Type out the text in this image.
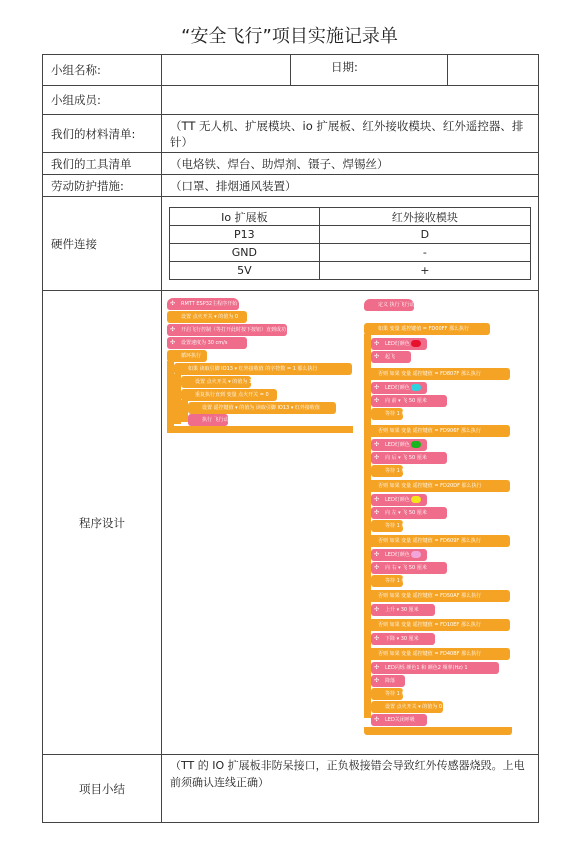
“安全飞行”项目实施记录单
小组名称:		日期:	
小组成员:	
我们的材料清单:	（TT 无人机、扩展模块、io 扩展板、红外接收模块、红外遥控器、排针）
我们的工具清单	（电烙铁、焊台、助焊剂、镊子、焊锡丝）
劳动防护措施:	（口罩、排烟通风装置）
硬件连接	
Io 扩展板	红外接收模块
P13	D
GND	-
5V	+

程序设计	
✣	RMTT ESP32主程序开始
设置 点火开关 ▾ 的值为 0
✣	开启飞行控制（等打开此时按下按钮）直到成功
✣	设置速度为 30 cm/s
循环执行
如果 读取引脚 IO13 ▾ 红外接收值 的字符数 = 1 那么执行
设置 点火开关 ▾ 的值为 1
重复执行直到 变量 点火开关 = 0
设置 遥控键值 ▾ 的值为 读取引脚 IO13 ▾ 红外接收值
执行 飞行动作
定义 执行飞行动作
如果 变量 遥控键值 = FD00FF 那么执行
✣	LED灯颜色
✣	起飞
否则 如果 变量 遥控键值 = FD807F 那么执行
✣	LED灯颜色
✣	向 前 ▾ 飞 50 厘米
等待 1 秒
否则 如果 变量 遥控键值 = FD906F 那么执行
✣	LED灯颜色
✣	向 后 ▾ 飞 50 厘米
等待 1 秒
否则 如果 变量 遥控键值 = FD20DF 那么执行
✣	LED灯颜色
✣	向 左 ▾ 飞 50 厘米
等待 1 秒
否则 如果 变量 遥控键值 = FD609F 那么执行
✣	LED灯颜色
✣	向 右 ▾ 飞 50 厘米
等待 1 秒
否则 如果 变量 遥控键值 = FD50AF 那么执行
✣	上升 ▾ 30 厘米
否则 如果 变量 遥控键值 = FD10EF 那么执行
✣	下降 ▾ 30 厘米
否则 如果 变量 遥控键值 = FD40BF 那么执行
✣	LED闪烁 颜色1 和 颜色2 频率(Hz) 1
✣	降落
等待 1 秒
设置 点火开关 ▾ 的值为 0
✣	LED关闭呼吸

项目小结	（TT 的 IO 扩展板非防呆接口，正负极接错会导致红外传感器烧毁。上电前须确认连线正确）
